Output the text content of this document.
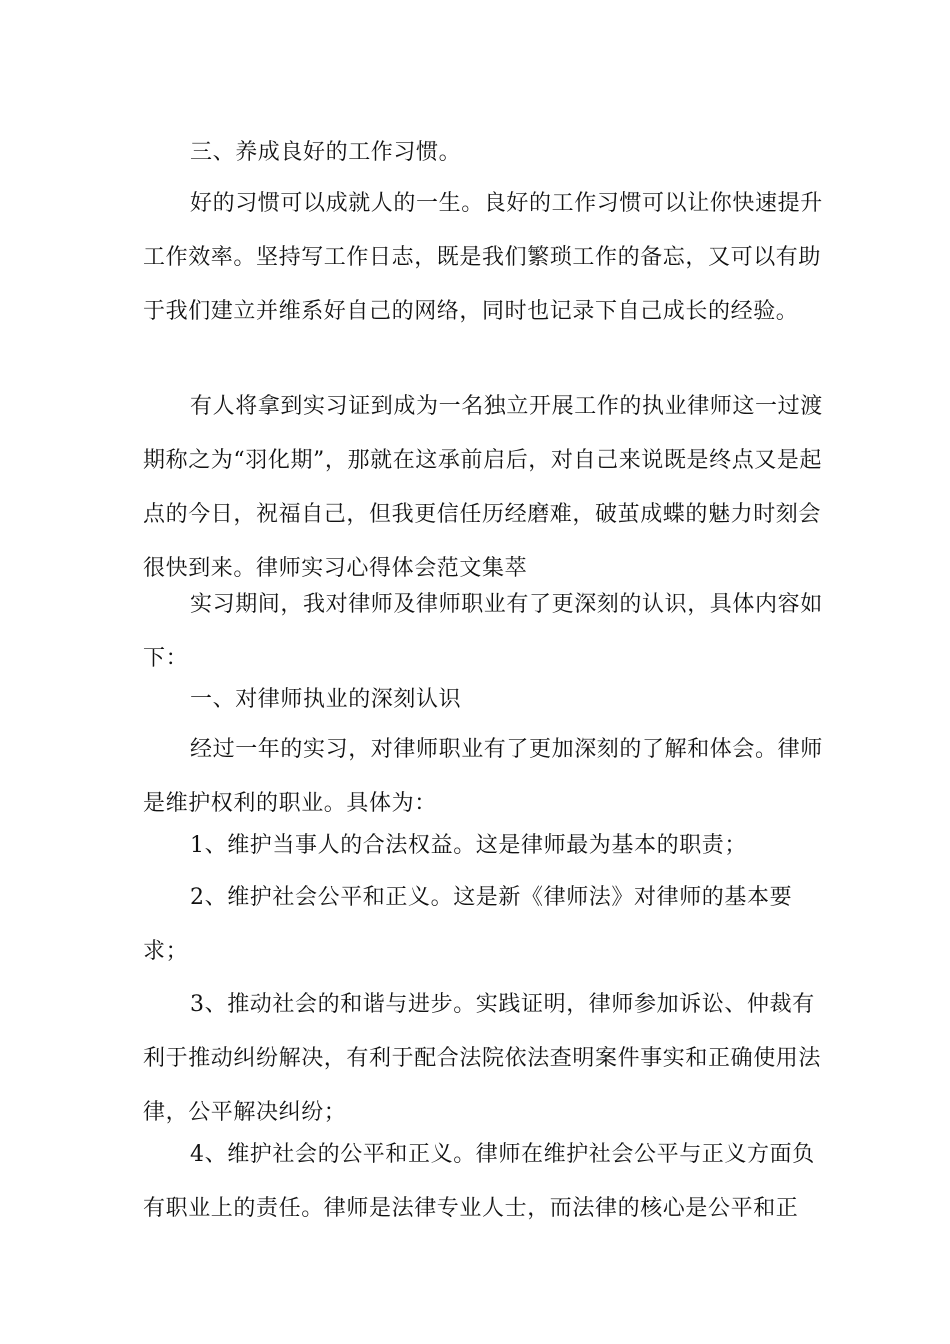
三、养成良好的工作习惯。

好的习惯可以成就人的一生。良好的工作习惯可以让你快速提升工作效率。坚持写工作日志，既是我们繁琐工作的备忘，又可以有助于我们建立并维系好自己的网络，同时也记录下自己成长的经验。

有人将拿到实习证到成为一名独立开展工作的执业律师这一过渡期称之为“羽化期”，那就在这承前启后，对自己来说既是终点又是起点的今日，祝福自己，但我更信任历经磨难，破茧成蝶的魅力时刻会很快到来。律师实习心得体会范文集萃

实习期间，我对律师及律师职业有了更深刻的认识，具体内容如下：

一、对律师执业的深刻认识

经过一年的实习，对律师职业有了更加深刻的了解和体会。律师是维护权利的职业。具体为：

1、维护当事人的合法权益。这是律师最为基本的职责；

2、维护社会公平和正义。这是新《律师法》对律师的基本要求；

3、推动社会的和谐与进步。实践证明，律师参加诉讼、仲裁有利于推动纠纷解决，有利于配合法院依法查明案件事实和正确使用法律，公平解决纠纷；

4、维护社会的公平和正义。律师在维护社会公平与正义方面负有职业上的责任。律师是法律专业人士，而法律的核心是公平和正
